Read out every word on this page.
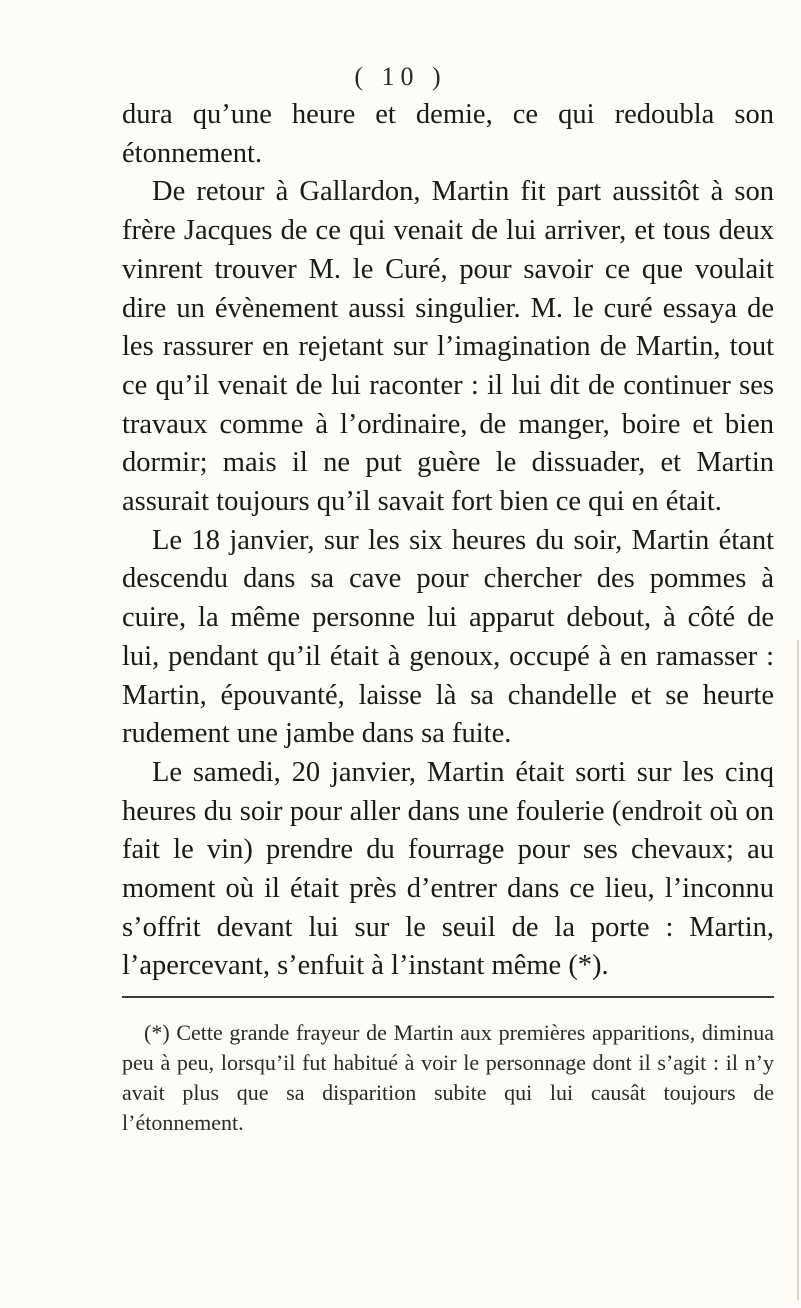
( 10 )

dura qu’une heure et demie, ce qui redoubla son étonnement.

De retour à Gallardon, Martin fit part aussitôt à son frère Jacques de ce qui venait de lui arriver, et tous deux vinrent trouver M. le Curé, pour savoir ce que voulait dire un évènement aussi singulier. M. le curé essaya de les rassurer en rejetant sur l’imagination de Martin, tout ce qu’il venait de lui raconter : il lui dit de continuer ses travaux comme à l’ordinaire, de manger, boire et bien dormir; mais il ne put guère le dissuader, et Martin assurait toujours qu’il savait fort bien ce qui en était.

Le 18 janvier, sur les six heures du soir, Martin étant descendu dans sa cave pour chercher des pommes à cuire, la même personne lui apparut debout, à côté de lui, pendant qu’il était à genoux, occupé à en ramasser : Martin, épouvanté, laisse là sa chandelle et se heurte rudement une jambe dans sa fuite.

Le samedi, 20 janvier, Martin était sorti sur les cinq heures du soir pour aller dans une foulerie (endroit où on fait le vin) prendre du fourrage pour ses chevaux; au moment où il était près d’entrer dans ce lieu, l’inconnu s’offrit devant lui sur le seuil de la porte : Martin, l’apercevant, s’enfuit à l’instant même (*).

(*) Cette grande frayeur de Martin aux premières apparitions, diminua peu à peu, lorsqu’il fut habitué à voir le personnage dont il s’agit : il n’y avait plus que sa disparition subite qui lui causât toujours de l’étonnement.
